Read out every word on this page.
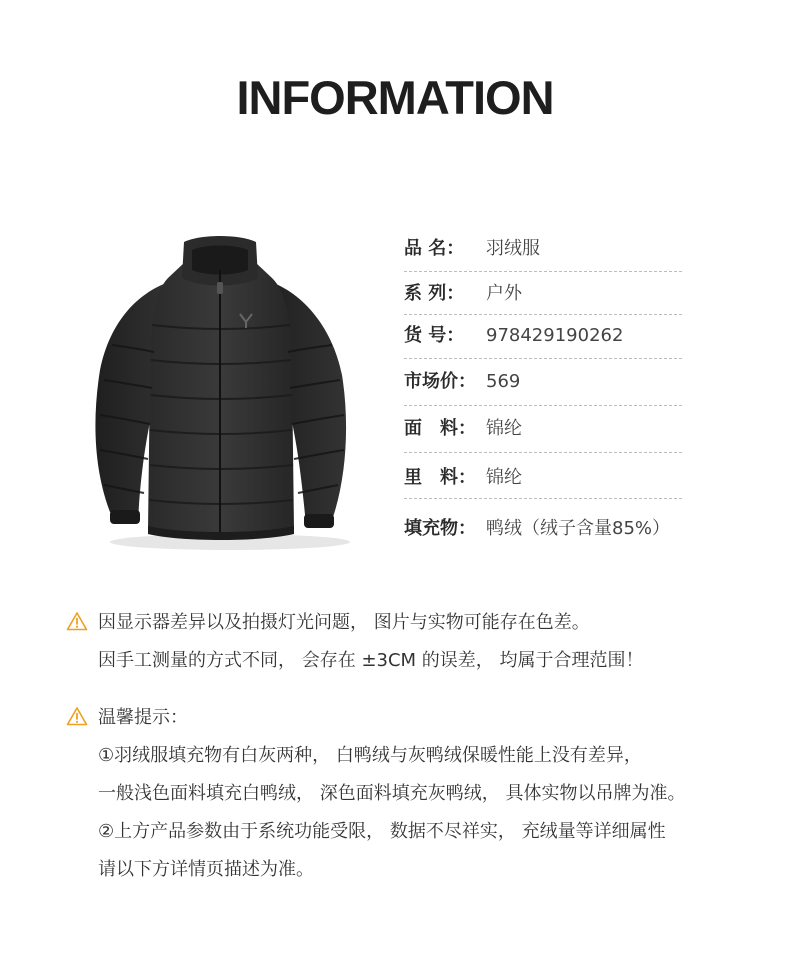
INFORMATION
品 名： 羽绒服
系 列： 户外
货 号： 978429190262
市场价： 569
面　料： 锦纶
里　料： 锦纶
填充物： 鸭绒（绒子含量85%）
因显示器差异以及拍摄灯光问题， 图片与实物可能存在色差。
因手工测量的方式不同， 会存在 ±3CM 的误差， 均属于合理范围！
温馨提示：
①羽绒服填充物有白灰两种， 白鸭绒与灰鸭绒保暖性能上没有差异，
一般浅色面料填充白鸭绒， 深色面料填充灰鸭绒， 具体实物以吊牌为准。
②上方产品参数由于系统功能受限， 数据不尽祥实， 充绒量等详细属性
请以下方详情页描述为准。
